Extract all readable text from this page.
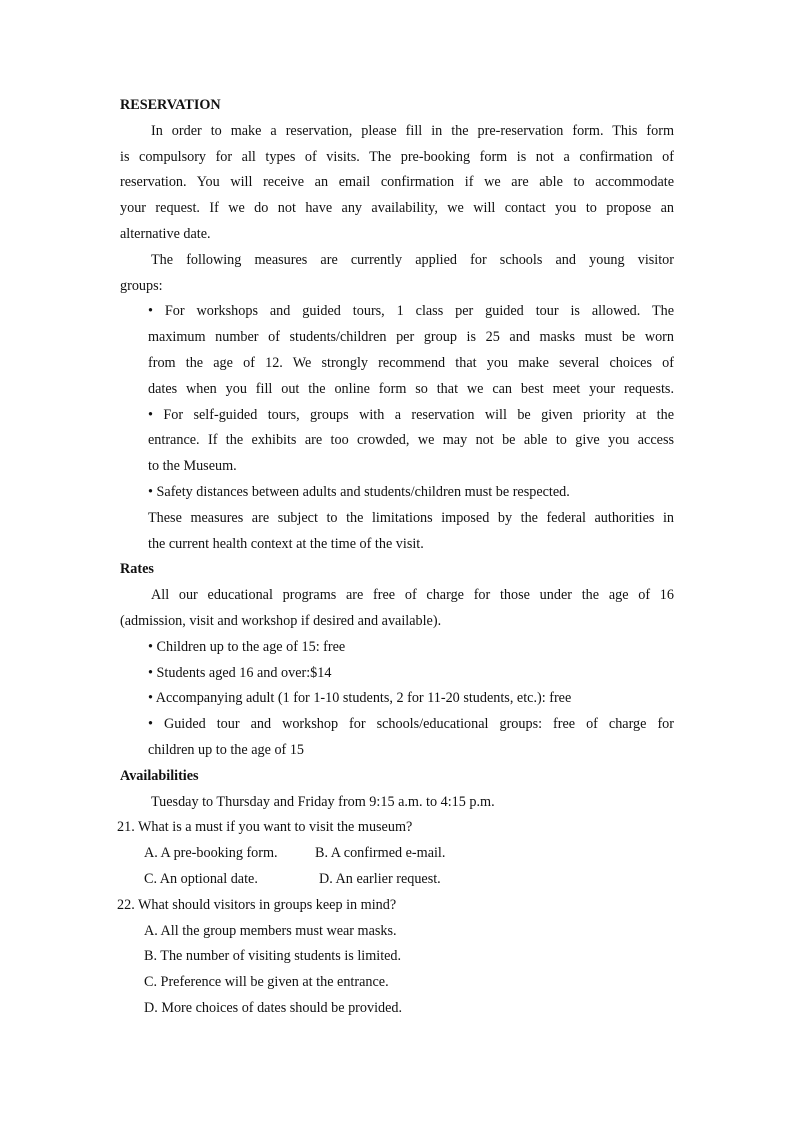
RESERVATION
In order to make a reservation, please fill in the pre-reservation form. This form
is compulsory for all types of visits. The pre-booking form is not a confirmation of
reservation. You will receive an email confirmation if we are able to accommodate
your request. If we do not have any availability, we will contact you to propose an
alternative date.
The following measures are currently applied for schools and young visitor
groups:
• For workshops and guided tours, 1 class per guided tour is allowed. The
maximum number of students/children per group is 25 and masks must be worn
from the age of 12. We strongly recommend that you make several choices of
dates when you fill out the online form so that we can best meet your requests.
• For self-guided tours, groups with a reservation will be given priority at the
entrance. If the exhibits are too crowded, we may not be able to give you access
to the Museum.
• Safety distances between adults and students/children must be respected.
These measures are subject to the limitations imposed by the federal authorities in
the current health context at the time of the visit.
Rates
All our educational programs are free of charge for those under the age of 16
(admission, visit and workshop if desired and available).
• Children up to the age of 15: free
• Students aged 16 and over:$14
• Accompanying adult (1 for 1-10 students, 2 for 11-20 students, etc.): free
• Guided tour and workshop for schools/educational groups: free of charge for
children up to the age of 15
Availabilities
Tuesday to Thursday and Friday from 9:15 a.m. to 4:15 p.m.
21. What is a must if you want to visit the museum?
A. A pre-booking form.	B. A confirmed e-mail.
C. An optional date.	D. An earlier request.
22. What should visitors in groups keep in mind?
A. All the group members must wear masks.
B. The number of visiting students is limited.
C. Preference will be given at the entrance.
D. More choices of dates should be provided.
